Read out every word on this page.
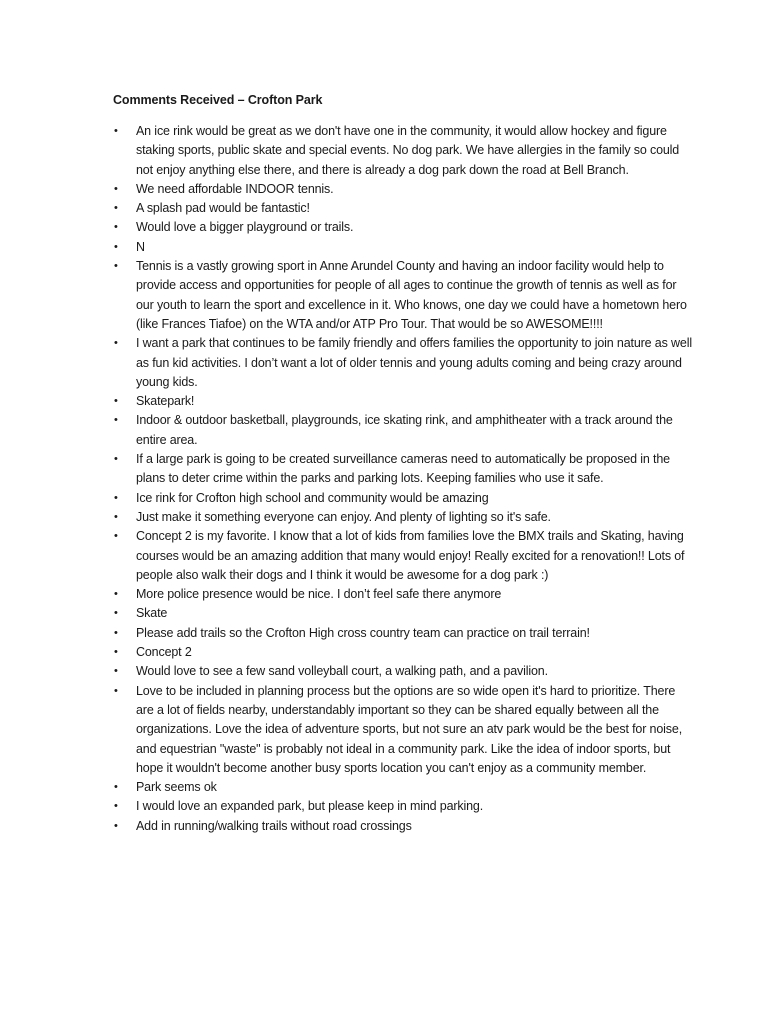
Comments Received – Crofton Park
• An ice rink would be great as we don't have one in the community, it would allow hockey and figure staking sports, public skate and special events. No dog park. We have allergies in the family so could not enjoy anything else there, and there is already a dog park down the road at Bell Branch.
• We need affordable INDOOR tennis.
• A splash pad would be fantastic!
• Would love a bigger playground or trails.
• N
• Tennis is a vastly growing sport in Anne Arundel County and having an indoor facility would help to provide access and opportunities for people of all ages to continue the growth of tennis as well as for our youth to learn the sport and excellence in it. Who knows, one day we could have a hometown hero (like Frances Tiafoe) on the WTA and/or ATP Pro Tour. That would be so AWESOME!!!!
• I want a park that continues to be family friendly and offers families the opportunity to join nature as well as fun kid activities. I don’t want a lot of older tennis and young adults coming and being crazy around young kids.
• Skatepark!
• Indoor & outdoor basketball, playgrounds, ice skating rink, and amphitheater with a track around the entire area.
• If a large park is going to be created surveillance cameras need to automatically be proposed in the plans to deter crime within the parks and parking lots. Keeping families who use it safe.
• Ice rink for Crofton high school and community would be amazing
• Just make it something everyone can enjoy. And plenty of lighting so it's safe.
• Concept 2 is my favorite. I know that a lot of kids from families love the BMX trails and Skating, having courses would be an amazing addition that many would enjoy! Really excited for a renovation!! Lots of people also walk their dogs and I think it would be awesome for a dog park :)
• More police presence would be nice. I don’t feel safe there anymore
• Skate
• Please add trails so the Crofton High cross country team can practice on trail terrain!
• Concept 2
• Would love to see a few sand volleyball court, a walking path, and a pavilion.
• Love to be included in planning process but the options are so wide open it's hard to prioritize. There are a lot of fields nearby, understandably important so they can be shared equally between all the organizations. Love the idea of adventure sports, but not sure an atv park would be the best for noise, and equestrian "waste" is probably not ideal in a community park. Like the idea of indoor sports, but hope it wouldn't become another busy sports location you can't enjoy as a community member.
• Park seems ok
• I would love an expanded park, but please keep in mind parking.
• Add in running/walking trails without road crossings
